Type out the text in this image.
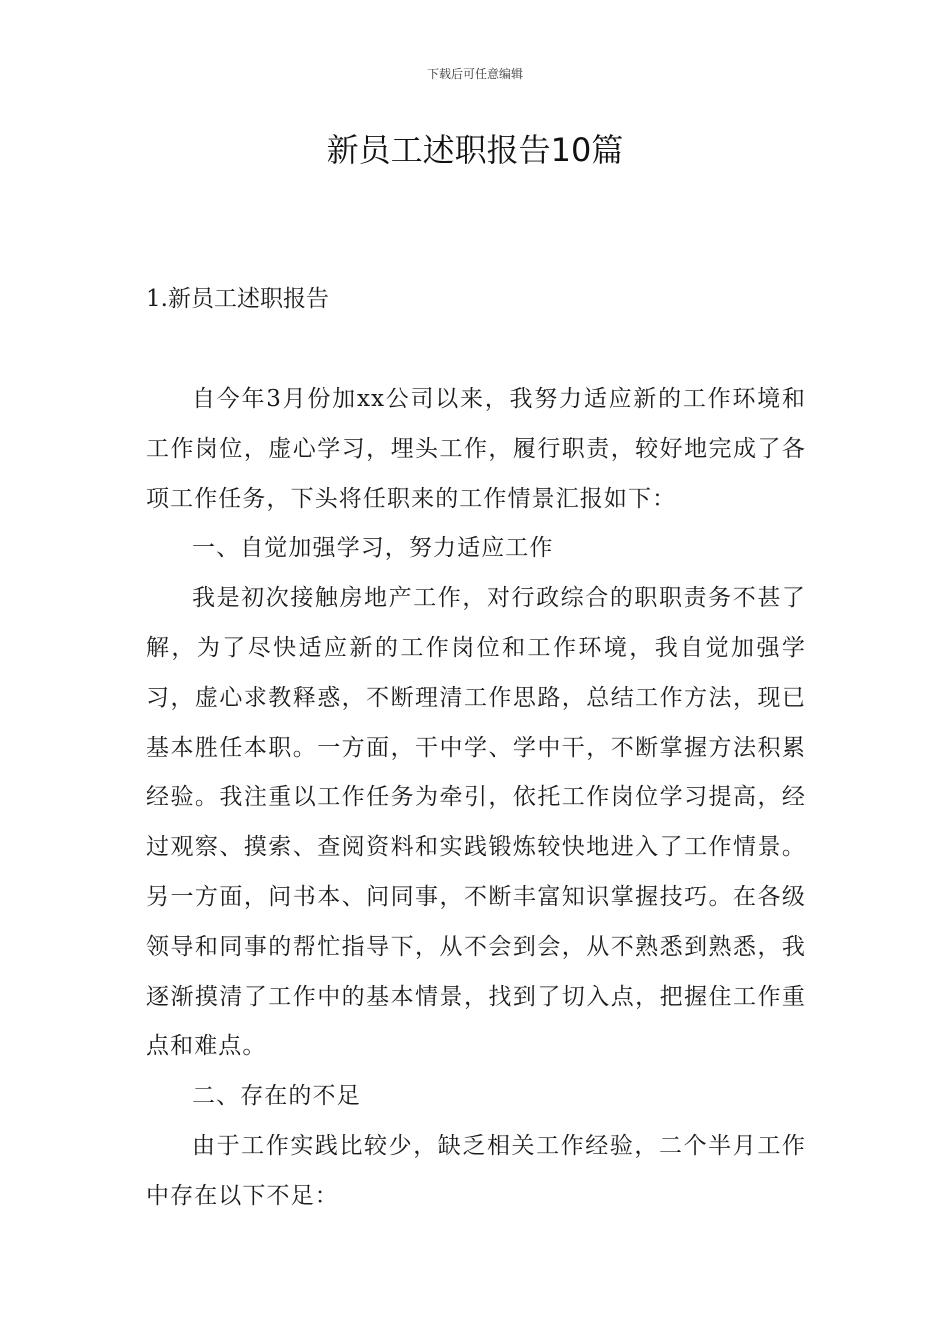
下载后可任意编辑
新员工述职报告10篇
1.新员工述职报告

自今年3月份加xx公司以来，我努力适应新的工作环境和工作岗位，虚心学习，埋头工作，履行职责，较好地完成了各项工作任务，下头将任职来的工作情景汇报如下：

一、自觉加强学习，努力适应工作

我是初次接触房地产工作，对行政综合的职职责务不甚了解，为了尽快适应新的工作岗位和工作环境，我自觉加强学习，虚心求教释惑，不断理清工作思路，总结工作方法，现已基本胜任本职。一方面，干中学、学中干，不断掌握方法积累经验。我注重以工作任务为牵引，依托工作岗位学习提高，经过观察、摸索、查阅资料和实践锻炼较快地进入了工作情景。另一方面，问书本、问同事，不断丰富知识掌握技巧。在各级领导和同事的帮忙指导下，从不会到会，从不熟悉到熟悉，我逐渐摸清了工作中的基本情景，找到了切入点，把握住工作重点和难点。

二、存在的不足

由于工作实践比较少，缺乏相关工作经验，二个半月工作中存在以下不足：
